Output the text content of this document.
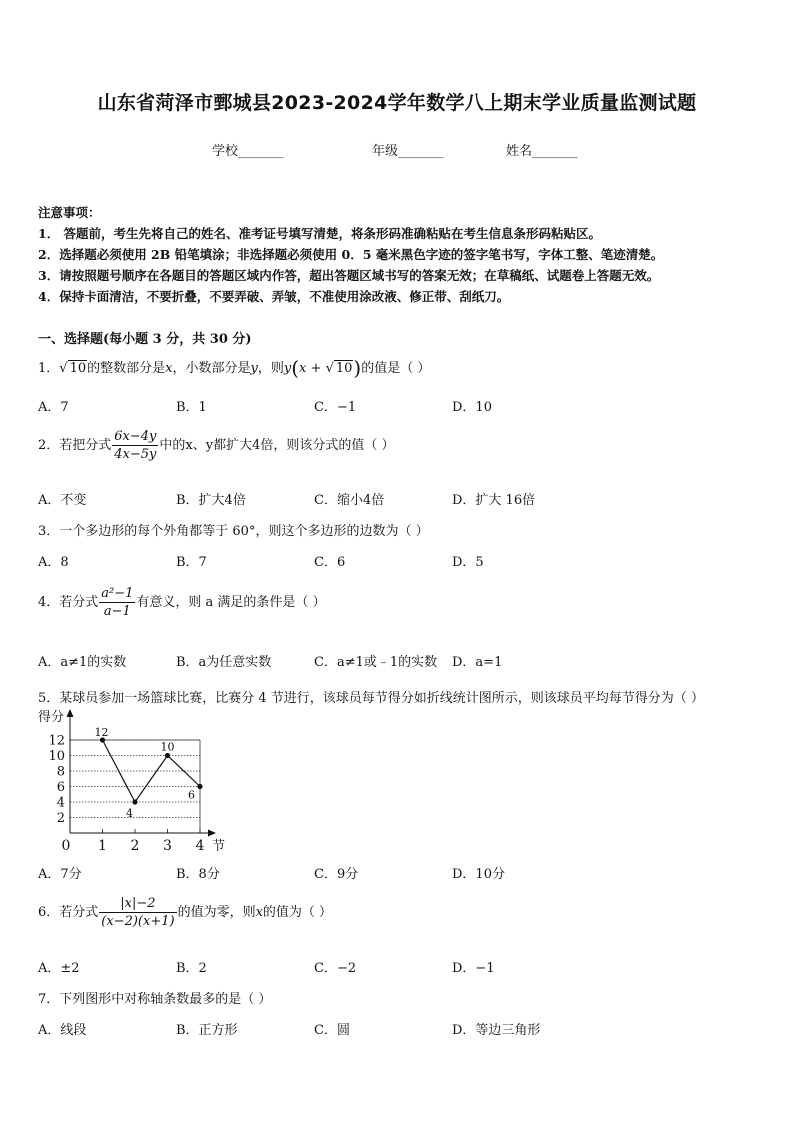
山东省菏泽市鄄城县2023-2024学年数学八上期末学业质量监测试题
学校_______	年级_______	姓名_______
注意事项：
1． 答题前，考生先将自己的姓名、准考证号填写清楚，将条形码准确粘贴在考生信息条形码粘贴区。
2．选择题必须使用 2B 铅笔填涂；非选择题必须使用 0．5 毫米黑色字迹的签字笔书写，字体工整、笔迹清楚。
3．请按照题号顺序在各题目的答题区域内作答，超出答题区域书写的答案无效；在草稿纸、试题卷上答题无效。
4．保持卡面清洁，不要折叠，不要弄破、弄皱，不准使用涂改液、修正带、刮纸刀。
一、选择题(每小题 3 分，共 30 分)
1．√ 10的整数部分是x，小数部分是y，则y(x + √ 10)的值是（ ）
A．7	B．1	C．−1	D．10
2．若把分式 $\frac{6x-4y}{4x-5y}$ 中的x、y都扩大4倍，则该分式的值（ ）
A．不变	B．扩大4倍	C．缩小4倍	D．扩大 16倍
3．一个多边形的每个外角都等于 60°，则这个多边形的边数为（ ）
A．8	B．7	C．6	D．5
4．若分式 $\frac{\text{a²−1}}{a-1}$ 有意义，则 a 满足的条件是（ ）
A．a≠1的实数	B．a为任意实数	C．a≠1或﹣1的实数 D．a=1
5．某球员参加一场篮球比赛，比赛分 4 节进行，该球员每节得分如折线统计图所示，则该球员平均每节得分为（ ）
2
4
6
8
10
12
0 1 2 3 4
12
4
10
6
得分
节
A．7分	B．8分	C．9分	D．10分
6．若分式 $\frac{|x|-2}{(x-2)(x+1)}$ 的值为零，则x的值为（ ）
A．±2	B．2	C．−2	D．−1
7．下列图形中对称轴条数最多的是（ ）
A．线段	B．正方形	C．圆	D．等边三角形
